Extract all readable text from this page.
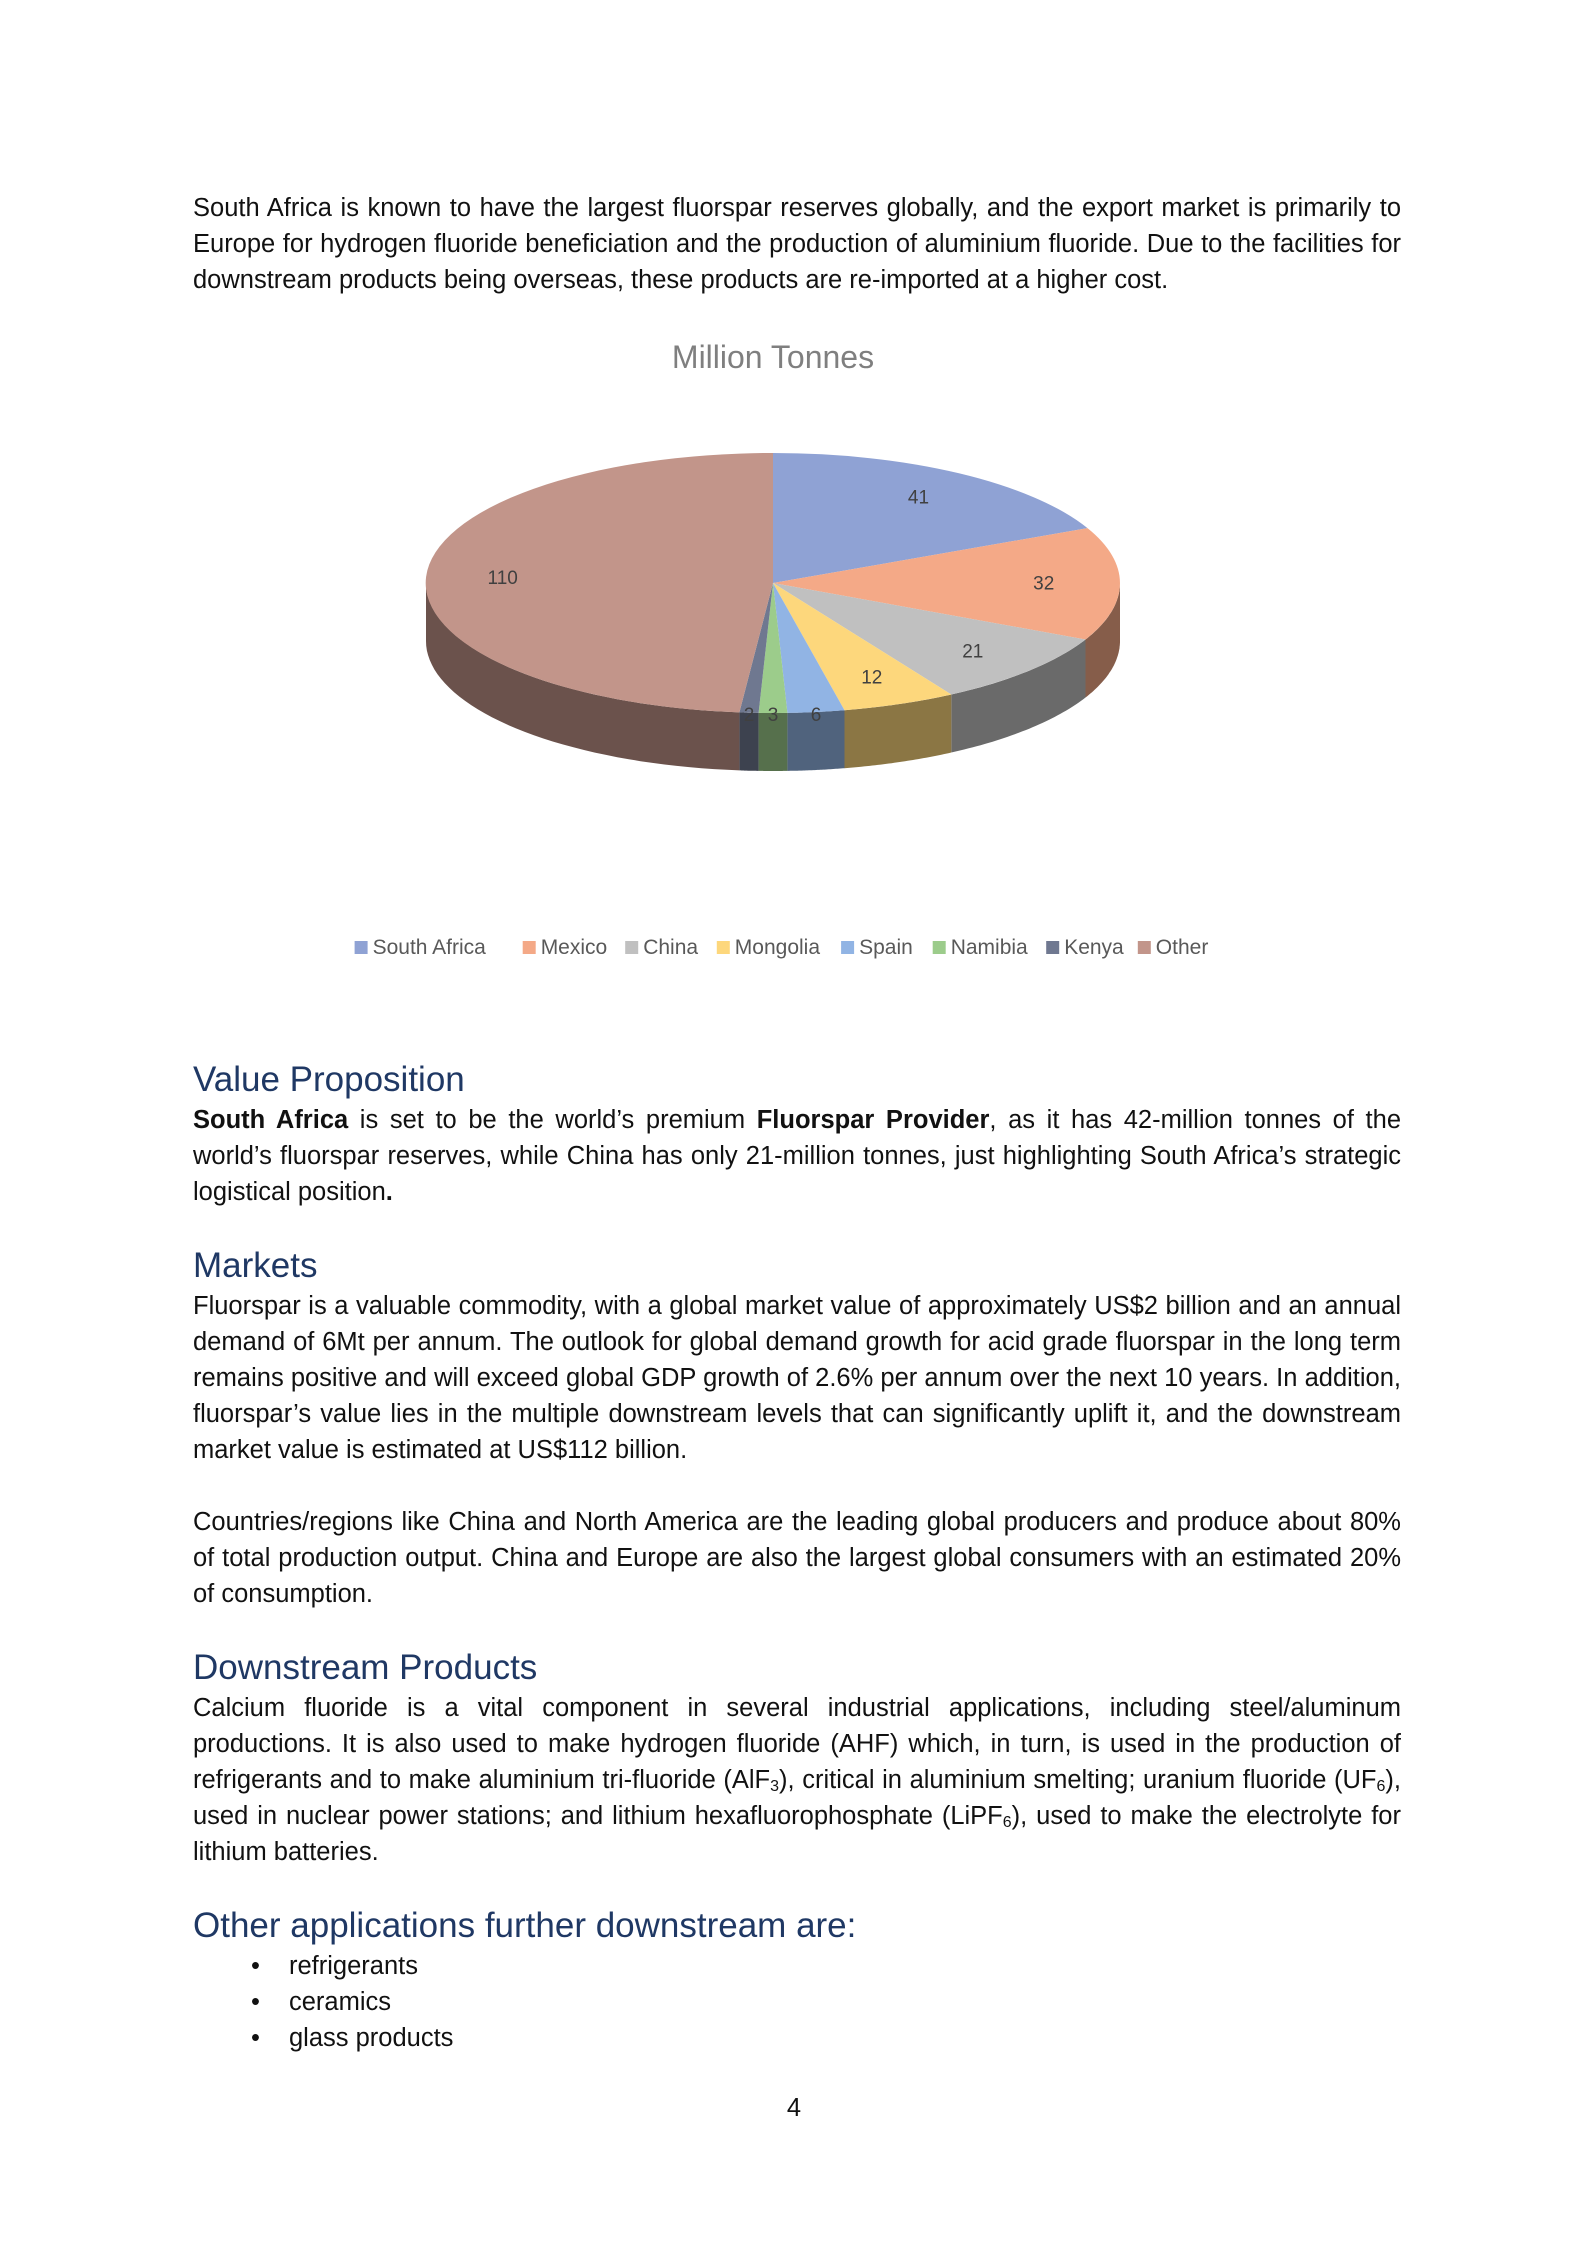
South Africa is known to have the largest fluorspar reserves globally, and the export market is primarily to Europe for hydrogen fluoride beneficiation and the production of aluminium fluoride. Due to the facilities for downstream products being overseas, these products are re-imported at a higher cost.

Million Tonnes
41
32
21
12
6
3
2
110
South Africa	Mexico China Mongolia Spain Namibia Kenya Other
Value Proposition

South Africa is set to be the world’s premium Fluorspar Provider, as it has 42-million tonnes of the world’s fluorspar reserves, while China has only 21-million tonnes, just highlighting South Africa’s strategic logistical position.

Markets

Fluorspar is a valuable commodity, with a global market value of approximately US$2 billion and an annual demand of 6Mt per annum. The outlook for global demand growth for acid grade fluorspar in the long term remains positive and will exceed global GDP growth of 2.6% per annum over the next 10 years. In addition, fluorspar’s value lies in the multiple downstream levels that can significantly uplift it, and the downstream market value is estimated at US$112 billion.

Countries/regions like China and North America are the leading global producers and produce about 80% of total production output. China and Europe are also the largest global consumers with an estimated 20% of consumption.

Downstream Products

Calcium fluoride is a vital component in several industrial applications, including steel/aluminum productions. It is also used to make hydrogen fluoride (AHF) which, in turn, is used in the production of refrigerants and to make aluminium tri-fluoride (AlF$_3$), critical in aluminium smelting; uranium fluoride $(UF_6)$, used in nuclear power stations; and lithium hexafluorophosphate (LiPF$_6$), used to make the electrolyte for lithium batteries.

Other applications further downstream are:
• refrigerants
• ceramics
• glass products
4
